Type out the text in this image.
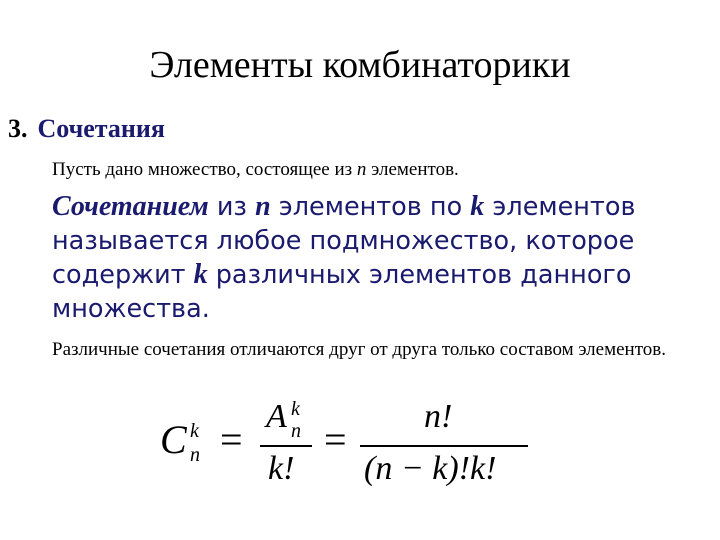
Элементы комбинаторики
3. Сочетания
Пусть дано множество, состоящее из n элементов.
Сочетанием из n элементов по k элементов называется любое подмножество, которое содержит k различных элементов данного множества.
Различные сочетания отличаются друг от друга только составом элементов.
C k
n =
A k
n
k!
=
n!
(n − k)!k!
